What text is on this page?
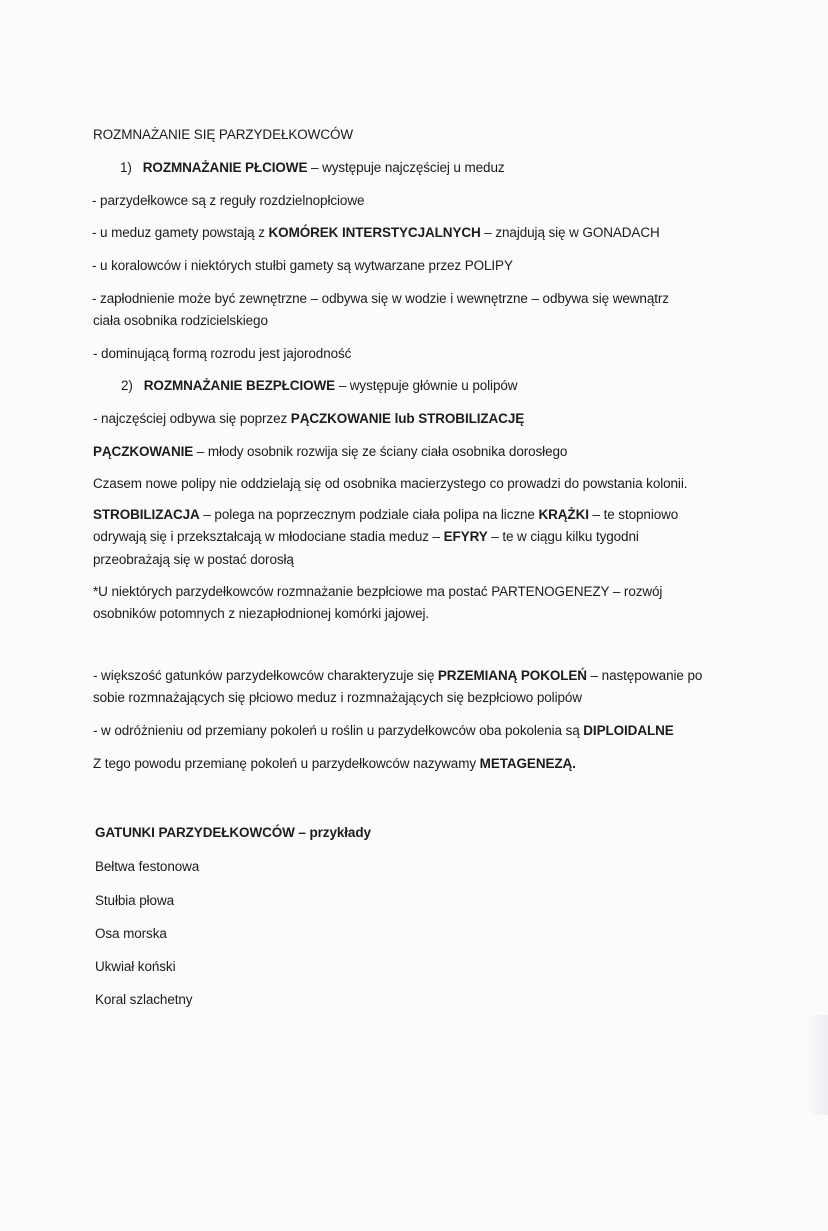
ROZMNAŻANIE SIĘ PARZYDEŁKOWCÓW
1) ROZMNAŻANIE PŁCIOWE – występuje najczęściej u meduz
- parzydełkowce są z reguły rozdzielnopłciowe
- u meduz gamety powstają z KOMÓREK INTERSTYCJALNYCH – znajdują się w GONADACH
- u koralowców i niektórych stułbi gamety są wytwarzane przez POLIPY
- zapłodnienie może być zewnętrzne – odbywa się w wodzie i wewnętrzne – odbywa się wewnątrz
ciała osobnika rodzicielskiego
- dominującą formą rozrodu jest jajorodność
2) ROZMNAŻANIE BEZPŁCIOWE – występuje głównie u polipów
- najczęściej odbywa się poprzez PĄCZKOWANIE lub STROBILIZACJĘ
PĄCZKOWANIE – młody osobnik rozwija się ze ściany ciała osobnika dorosłego
Czasem nowe polipy nie oddzielają się od osobnika macierzystego co prowadzi do powstania kolonii.
STROBILIZACJA – polega na poprzecznym podziale ciała polipa na liczne KRĄŻKI – te stopniowo
odrywają się i przekształcają w młodociane stadia meduz – EFYRY – te w ciągu kilku tygodni
przeobrażają się w postać dorosłą
*U niektórych parzydełkowców rozmnażanie bezpłciowe ma postać PARTENOGENEZY – rozwój
osobników potomnych z niezapłodnionej komórki jajowej.
- większość gatunków parzydełkowców charakteryzuje się PRZEMIANĄ POKOLEŃ – następowanie po
sobie rozmnażających się płciowo meduz i rozmnażających się bezpłciowo polipów
- w odróżnieniu od przemiany pokoleń u roślin u parzydełkowców oba pokolenia są DIPLOIDALNE
Z tego powodu przemianę pokoleń u parzydełkowców nazywamy METAGENEZĄ.
GATUNKI PARZYDEŁKOWCÓW – przykłady
Bełtwa festonowa
Stułbia płowa
Osa morska
Ukwiał koński
Koral szlachetny
